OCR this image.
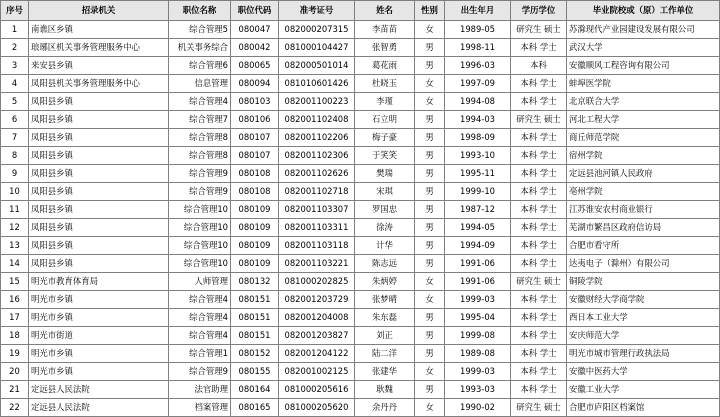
序号	招录机关	职位名称	职位代码	准考证号	姓名	性别	出生年月	学历学位	毕业院校或（原）工作单位
1	南谯区乡镇	综合管理5	080047	082000207315	李苗苗	女	1989-05	研究生 硕士	苏滁现代产业园建设发展有限公司
2	琅琊区机关事务管理服务中心	机关事务综合	080042	081000104427	张智勇	男	1998-11	本科 学士	武汉大学
3	来安县乡镇	综合管理6	080065	082000501014	葛花雨	男	1996-03	本科	安徽顺风工程咨询有限公司
4	凤阳县机关事务管理服务中心	信息管理	080094	081010601426	杜晓玉	女	1997-09	本科 学士	蚌埠医学院
5	凤阳县乡镇	综合管理4	080103	082001100223	李瑾	女	1994-08	本科 学士	北京联合大学
6	凤阳县乡镇	综合管理7	080106	082001102408	石立明	男	1994-03	研究生 硕士	河北工程大学
7	凤阳县乡镇	综合管理8	080107	082001102206	梅子豪	男	1998-09	本科 学士	商丘师范学院
8	凤阳县乡镇	综合管理8	080107	082001102306	于笑笑	男	1993-10	本科 学士	宿州学院
9	凤阳县乡镇	综合管理9	080108	082001102626	樊瑞	男	1995-11	本科 学士	定远县池河镇人民政府
10	凤阳县乡镇	综合管理9	080108	082001102718	宋琪	男	1999-10	本科 学士	亳州学院
11	凤阳县乡镇	综合管理10	080109	082001103307	罗国忠	男	1987-12	本科 学士	江苏淮安农村商业银行
12	凤阳县乡镇	综合管理10	080109	082001103311	徐涛	男	1994-05	本科 学士	芜湖市繁昌区政府信访局
13	凤阳县乡镇	综合管理10	080109	082001103118	计华	男	1994-09	本科 学士	合肥市看守所
14	凤阳县乡镇	综合管理10	080109	082001103221	陈志远	男	1991-06	本科 学士	达夷电子（滁州）有限公司
15	明光市教育体育局	人师管理	080132	081000202825	朱炳婷	女	1991-06	研究生 硕士	铜陵学院
16	明光市乡镇	综合管理4	080151	082001203729	张梦晴	女	1999-03	本科 学士	安徽财经大学商学院
17	明光市乡镇	综合管理4	080151	082001204008	朱东磊	男	1995-04	本科 学士	西日本工业大学
18	明光市街道	综合管理4	080151	082001203827	刘正	男	1999-08	本科 学士	安庆师范大学
19	明光市乡镇	综合管理1	080152	082001204122	陆二洋	男	1989-08	本科 学士	明光市城市管理行政执法局
20	明光市乡镇	综合管理9	080155	082001002125	张建华	女	1999-03	本科 学士	安徽中医药大学
21	定远县人民法院	法官助理	080164	081000205616	耿魏	男	1993-03	本科 学士	安徽工业大学
22	定远县人民法院	档案管理	080165	081000205620	余丹丹	女	1990-02	研究生 硕士	合肥市庐阳区档案馆
